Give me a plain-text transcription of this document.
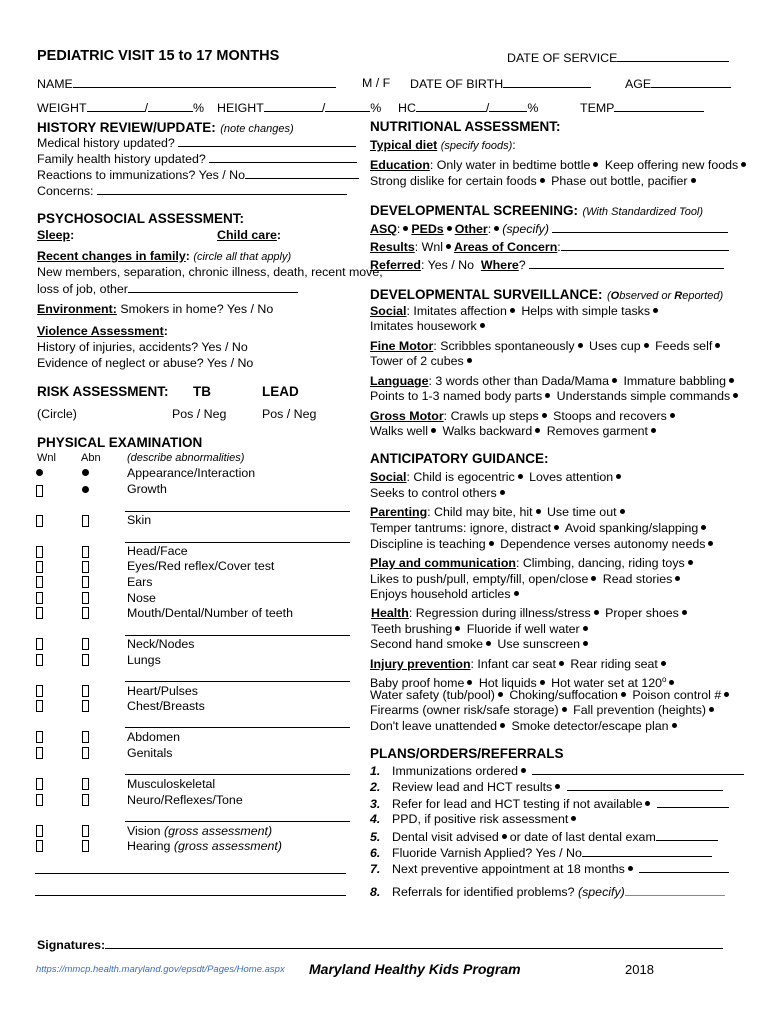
PEDIATRIC VISIT 15 to 17 MONTHS	DATE OF SERVICE
NAME	M / F DATE OF BIRTH	AGE
WEIGHT	/	% HEIGHT	/	% HC	/	%	TEMP
HISTORY REVIEW/UPDATE: (note changes)
Medical history updated?
Family health history updated?
Reactions to immunizations? Yes / No
Concerns:
PSYCHOSOCIAL ASSESSMENT:
Sleep:	Child care:
Recent changes in family: (circle all that apply)
New members, separation, chronic illness, death, recent move,
loss of job, other
Environment: Smokers in home? Yes / No
Violence Assessment:
History of injuries, accidents? Yes / No
Evidence of neglect or abuse? Yes / No
RISK ASSESSMENT: TB	LEAD
(Circle)	Pos / Neg	Pos / Neg
PHYSICAL EXAMINATION
Wnl Abn (describe abnormalities)
Appearance/Interaction
Growth
Skin
Head/Face
Eyes/Red reflex/Cover test
Ears
Nose
Mouth/Dental/Number of teeth
Neck/Nodes
Lungs
Heart/Pulses
Chest/Breasts
Abdomen
Genitals
Musculoskeletal
Neuro/Reflexes/Tone
Vision (gross assessment)
Hearing (gross assessment)
NUTRITIONAL ASSESSMENT:
Typical diet (specify foods):
Education: Only water in bedtime bottle Keep offering new foods
Strong dislike for certain foods Phase out bottle, pacifier
DEVELOPMENTAL SCREENING: (With Standardized Tool)
ASQ: PEDs Other: (specify)
Results: Wnl Areas of Concern:
Referred: Yes / No Where?
DEVELOPMENTAL SURVEILLANCE: (Observed or Reported)
Social: Imitates affection Helps with simple tasks
Imitates housework
Fine Motor: Scribbles spontaneously Uses cup Feeds self
Tower of 2 cubes
Language: 3 words other than Dada/Mama Immature babbling
Points to 1-3 named body parts Understands simple commands
Gross Motor: Crawls up steps Stoops and recovers
Walks well Walks backward Removes garment
ANTICIPATORY GUIDANCE:
Social: Child is egocentric Loves attention
Seeks to control others
Parenting: Child may bite, hit Use time out
Temper tantrums: ignore, distract Avoid spanking/slapping
Discipline is teaching Dependence verses autonomy needs
Play and communication: Climbing, dancing, riding toys
Likes to push/pull, empty/fill, open/close Read stories
Enjoys household articles
Health: Regression during illness/stress Proper shoes
Teeth brushing Fluoride if well water
Second hand smoke Use sunscreen
Injury prevention: Infant car seat Rear riding seat
Baby proof home Hot liquids Hot water set at 120$^o$
Water safety (tub/pool) Choking/suffocation Poison control #
Firearms (owner risk/safe storage) Fall prevention (heights)
Don't leave unattended Smoke detector/escape plan
PLANS/ORDERS/REFERRALS
1. Immunizations ordered
2. Review lead and HCT results
3. Refer for lead and HCT testing if not available
4. PPD, if positive risk assessment
5. Dental visit advised or date of last dental exam
6. Fluoride Varnish Applied? Yes / No
7. Next preventive appointment at 18 months
8. Referrals for identified problems? (specify)
Signatures:
https://mmcp.health.maryland.gov/epsdt/Pages/Home.aspx Maryland Healthy Kids Program	2018
